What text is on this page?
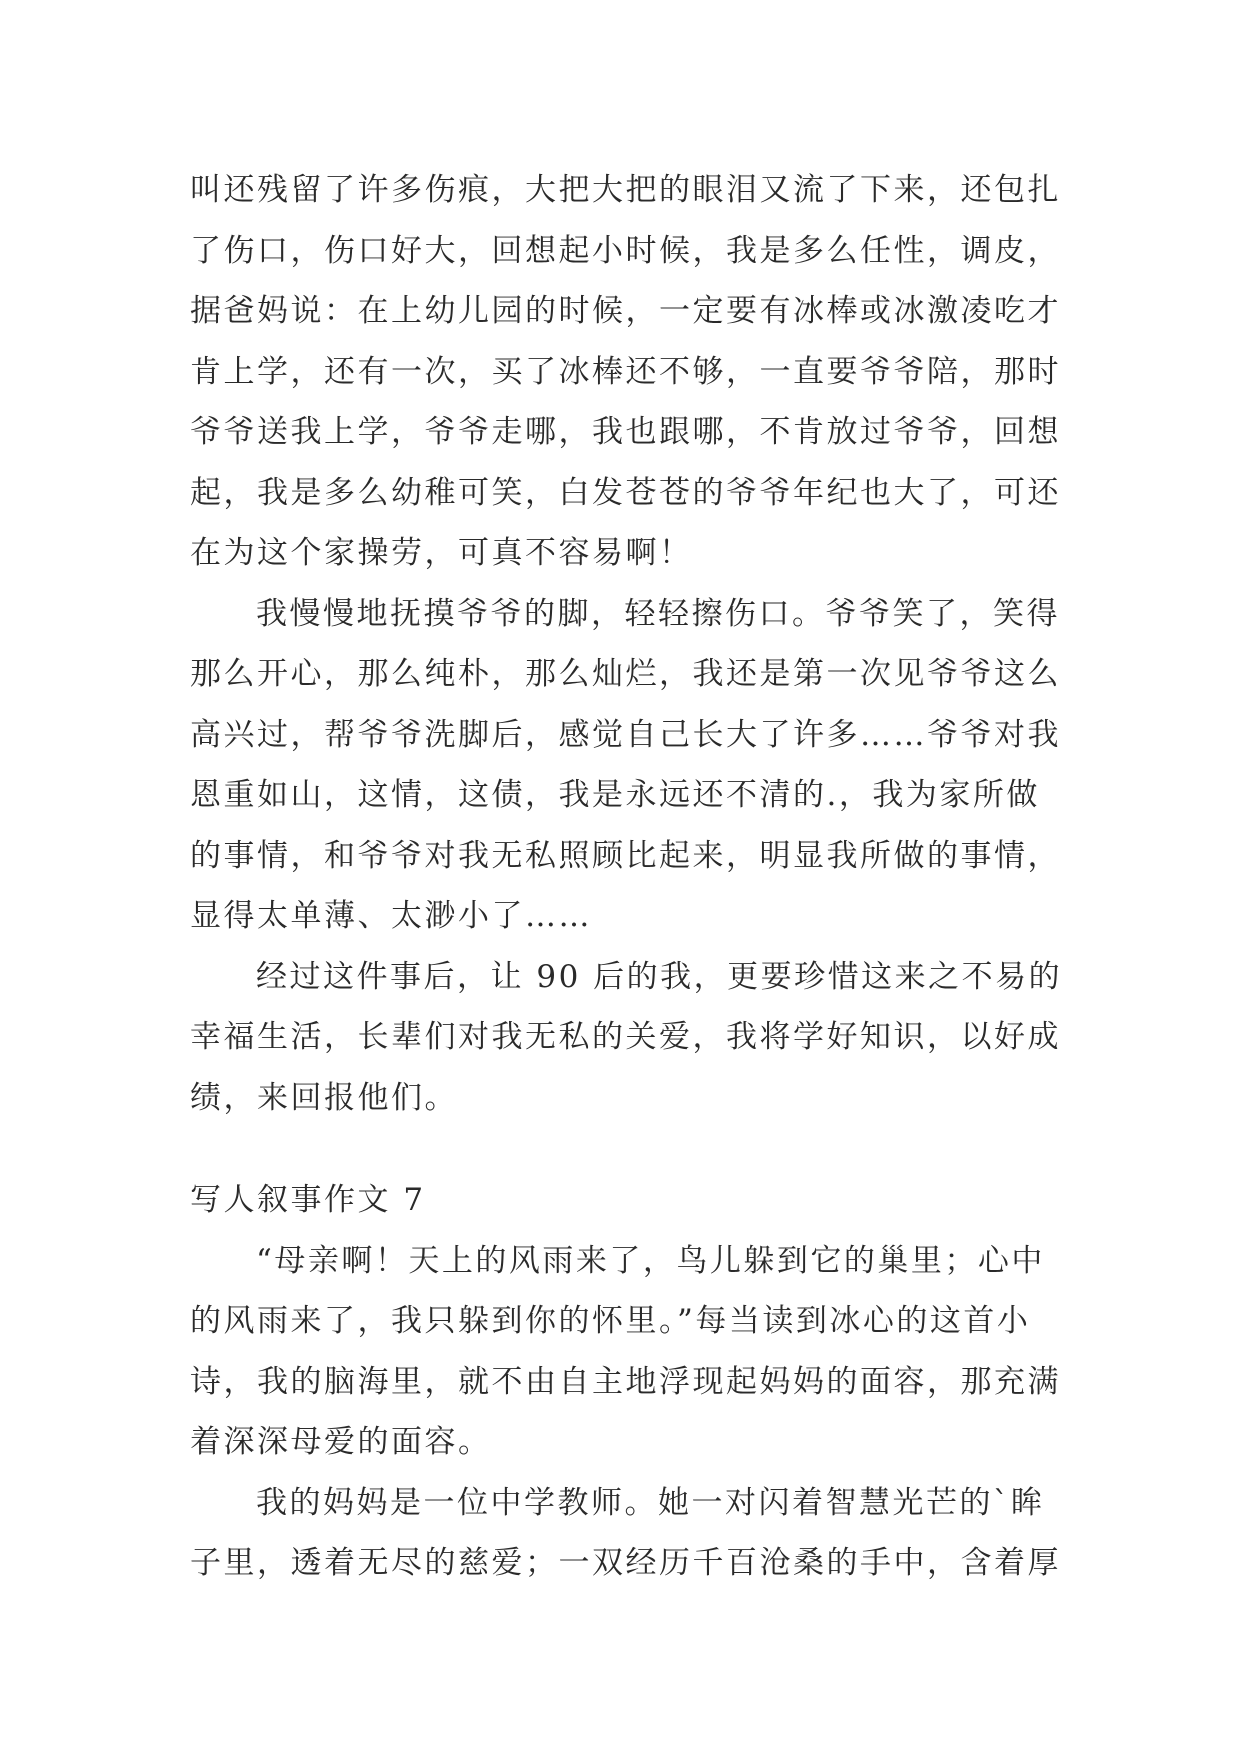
叫还残留了许多伤痕，大把大把的眼泪又流了下来，还包扎
了伤口，伤口好大，回想起小时候，我是多么任性，调皮，
据爸妈说：在上幼儿园的时候，一定要有冰棒或冰激凌吃才
肯上学，还有一次，买了冰棒还不够，一直要爷爷陪，那时
爷爷送我上学，爷爷走哪，我也跟哪，不肯放过爷爷，回想
起，我是多么幼稚可笑，白发苍苍的爷爷年纪也大了，可还
在为这个家操劳，可真不容易啊！
我慢慢地抚摸爷爷的脚，轻轻擦伤口。爷爷笑了，笑得
那么开心，那么纯朴，那么灿烂，我还是第一次见爷爷这么
高兴过，帮爷爷洗脚后，感觉自己长大了许多……爷爷对我
恩重如山，这情，这债，我是永远还不清的.，我为家所做
的事情，和爷爷对我无私照顾比起来，明显我所做的事情，
显得太单薄、太渺小了……
经过这件事后，让 90 后的我，更要珍惜这来之不易的
幸福生活，长辈们对我无私的关爱，我将学好知识，以好成
绩，来回报他们。
写人叙事作文 7
“母亲啊！天上的风雨来了，鸟儿躲到它的巢里；心中
的风雨来了，我只躲到你的怀里。”每当读到冰心的这首小
诗，我的脑海里，就不由自主地浮现起妈妈的面容，那充满
着深深母爱的面容。
我的妈妈是一位中学教师。她一对闪着智慧光芒的`眸
子里，透着无尽的慈爱；一双经历千百沧桑的手中，含着厚
